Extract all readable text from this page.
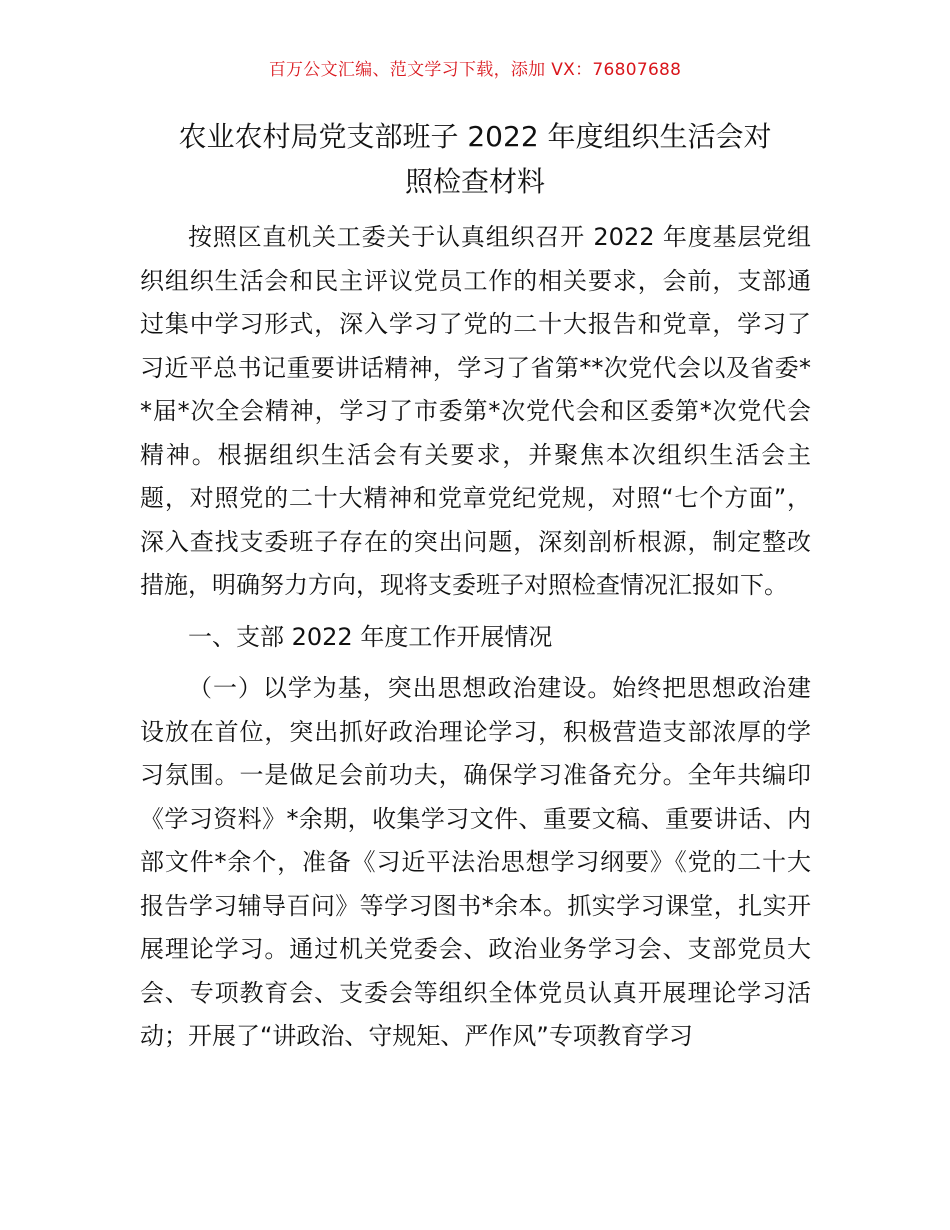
百万公文汇编、范文学习下载，添加 VX：76807688
农业农村局党支部班子 2022 年度组织生活会对
照检查材料

按照区直机关工委关于认真组织召开 2022 年度基层党组织组织生活会和民主评议党员工作的相关要求，会前，支部通过集中学习形式，深入学习了党的二十大报告和党章，学习了习近平总书记重要讲话精神，学习了省第**次党代会以及省委**届*次全会精神，学习了市委第*次党代会和区委第*次党代会精神。根据组织生活会有关要求，并聚焦本次组织生活会主题，对照党的二十大精神和党章党纪党规，对照“七个方面”，深入查找支委班子存在的突出问题，深刻剖析根源，制定整改措施，明确努力方向，现将支委班子对照检查情况汇报如下。

一、支部 2022 年度工作开展情况

（一）以学为基，突出思想政治建设。始终把思想政治建设放在首位，突出抓好政治理论学习，积极营造支部浓厚的学习氛围。一是做足会前功夫，确保学习准备充分。全年共编印《学习资料》*余期，收集学习文件、重要文稿、重要讲话、内部文件*余个，准备《习近平法治思想学习纲要》《党的二十大报告学习辅导百问》等学习图书*余本。抓实学习课堂，扎实开展理论学习。通过机关党委会、政治业务学习会、支部党员大会、专项教育会、支委会等组织全体党员认真开展理论学习活动；开展了“讲政治、守规矩、严作风”专项教育学习
